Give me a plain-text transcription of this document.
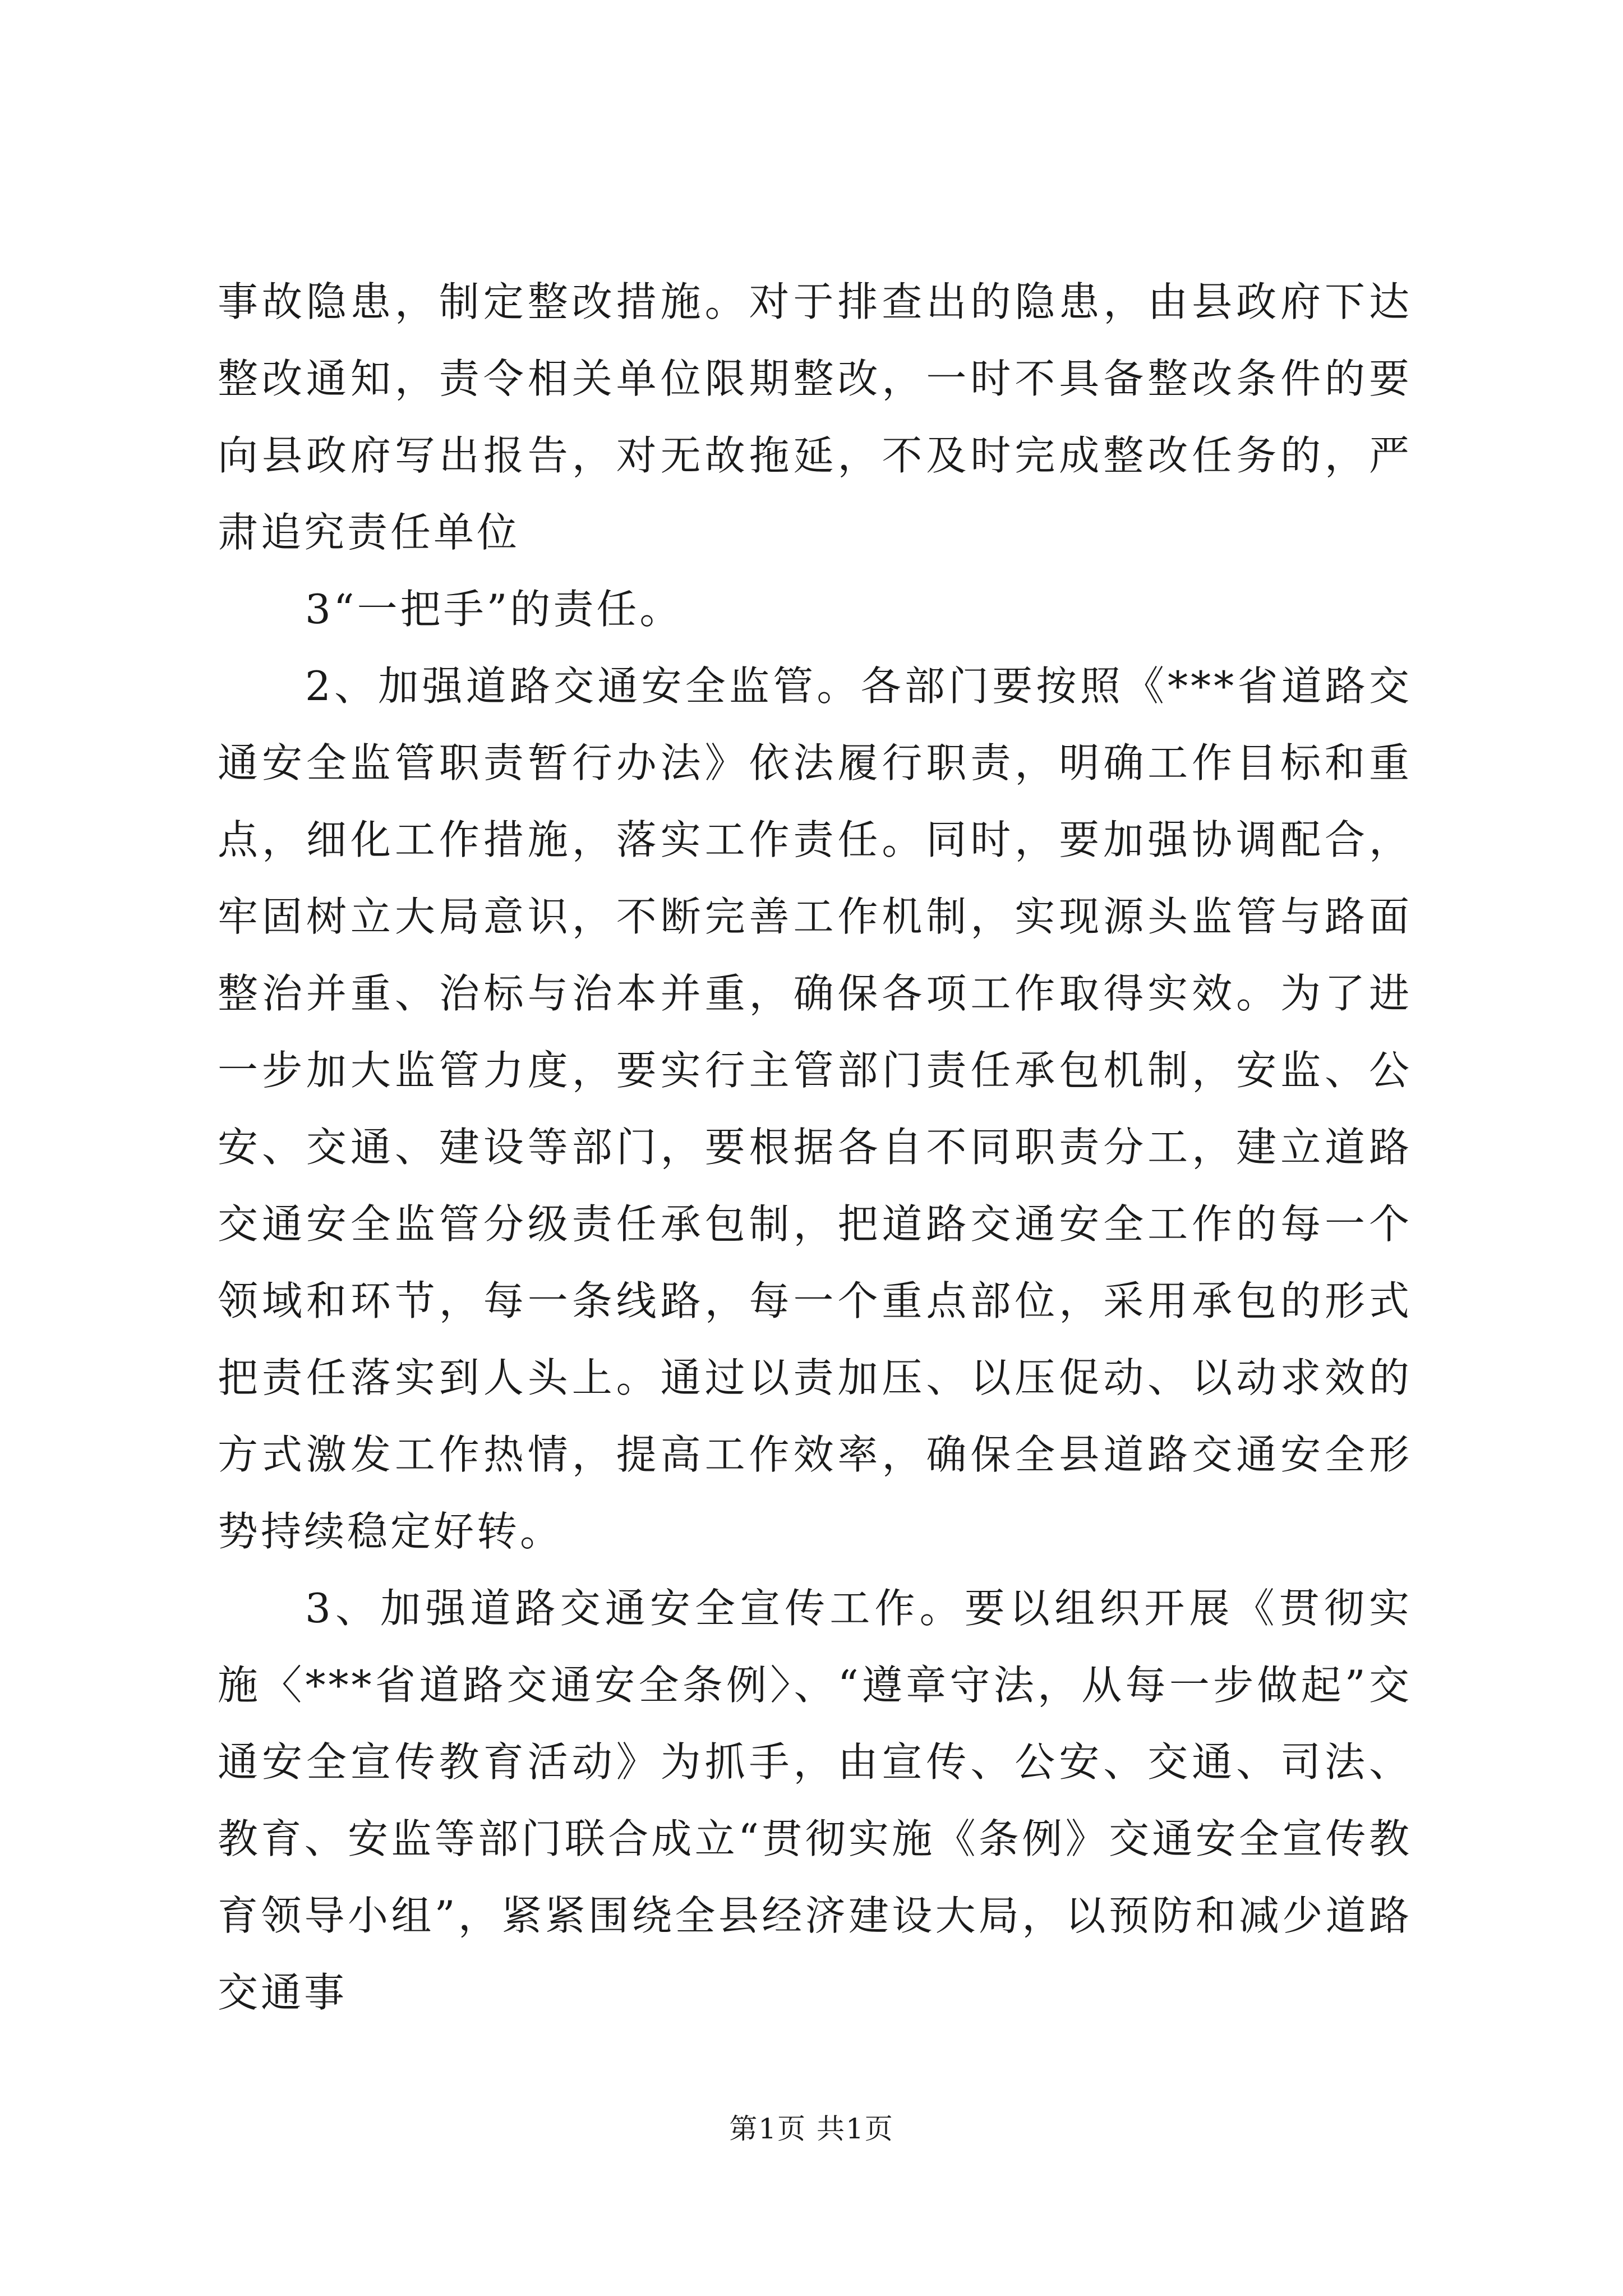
事故隐患，制定整改措施。对于排查出的隐患，由县政府下达整改通知，责令相关单位限期整改，一时不具备整改条件的要向县政府写出报告，对无故拖延，不及时完成整改任务的，严肃追究责任单位

3“一把手”的责任。

2、加强道路交通安全监管。各部门要按照《***省道路交通安全监管职责暂行办法》依法履行职责，明确工作目标和重点，细化工作措施，落实工作责任。同时，要加强协调配合，牢固树立大局意识，不断完善工作机制，实现源头监管与路面整治并重、治标与治本并重，确保各项工作取得实效。为了进一步加大监管力度，要实行主管部门责任承包机制，安监、公安、交通、建设等部门，要根据各自不同职责分工，建立道路交通安全监管分级责任承包制，把道路交通安全工作的每一个领域和环节，每一条线路，每一个重点部位，采用承包的形式把责任落实到人头上。通过以责加压、以压促动、以动求效的方式激发工作热情，提高工作效率，确保全县道路交通安全形势持续稳定好转。

3、加强道路交通安全宣传工作。要以组织开展《贯彻实施〈***省道路交通安全条例〉、“遵章守法，从每一步做起”交通安全宣传教育活动》为抓手，由宣传、公安、交通、司法、教育、安监等部门联合成立“贯彻实施《条例》交通安全宣传教育领导小组”，紧紧围绕全县经济建设大局，以预防和减少道路交通事

第1页 共1页
